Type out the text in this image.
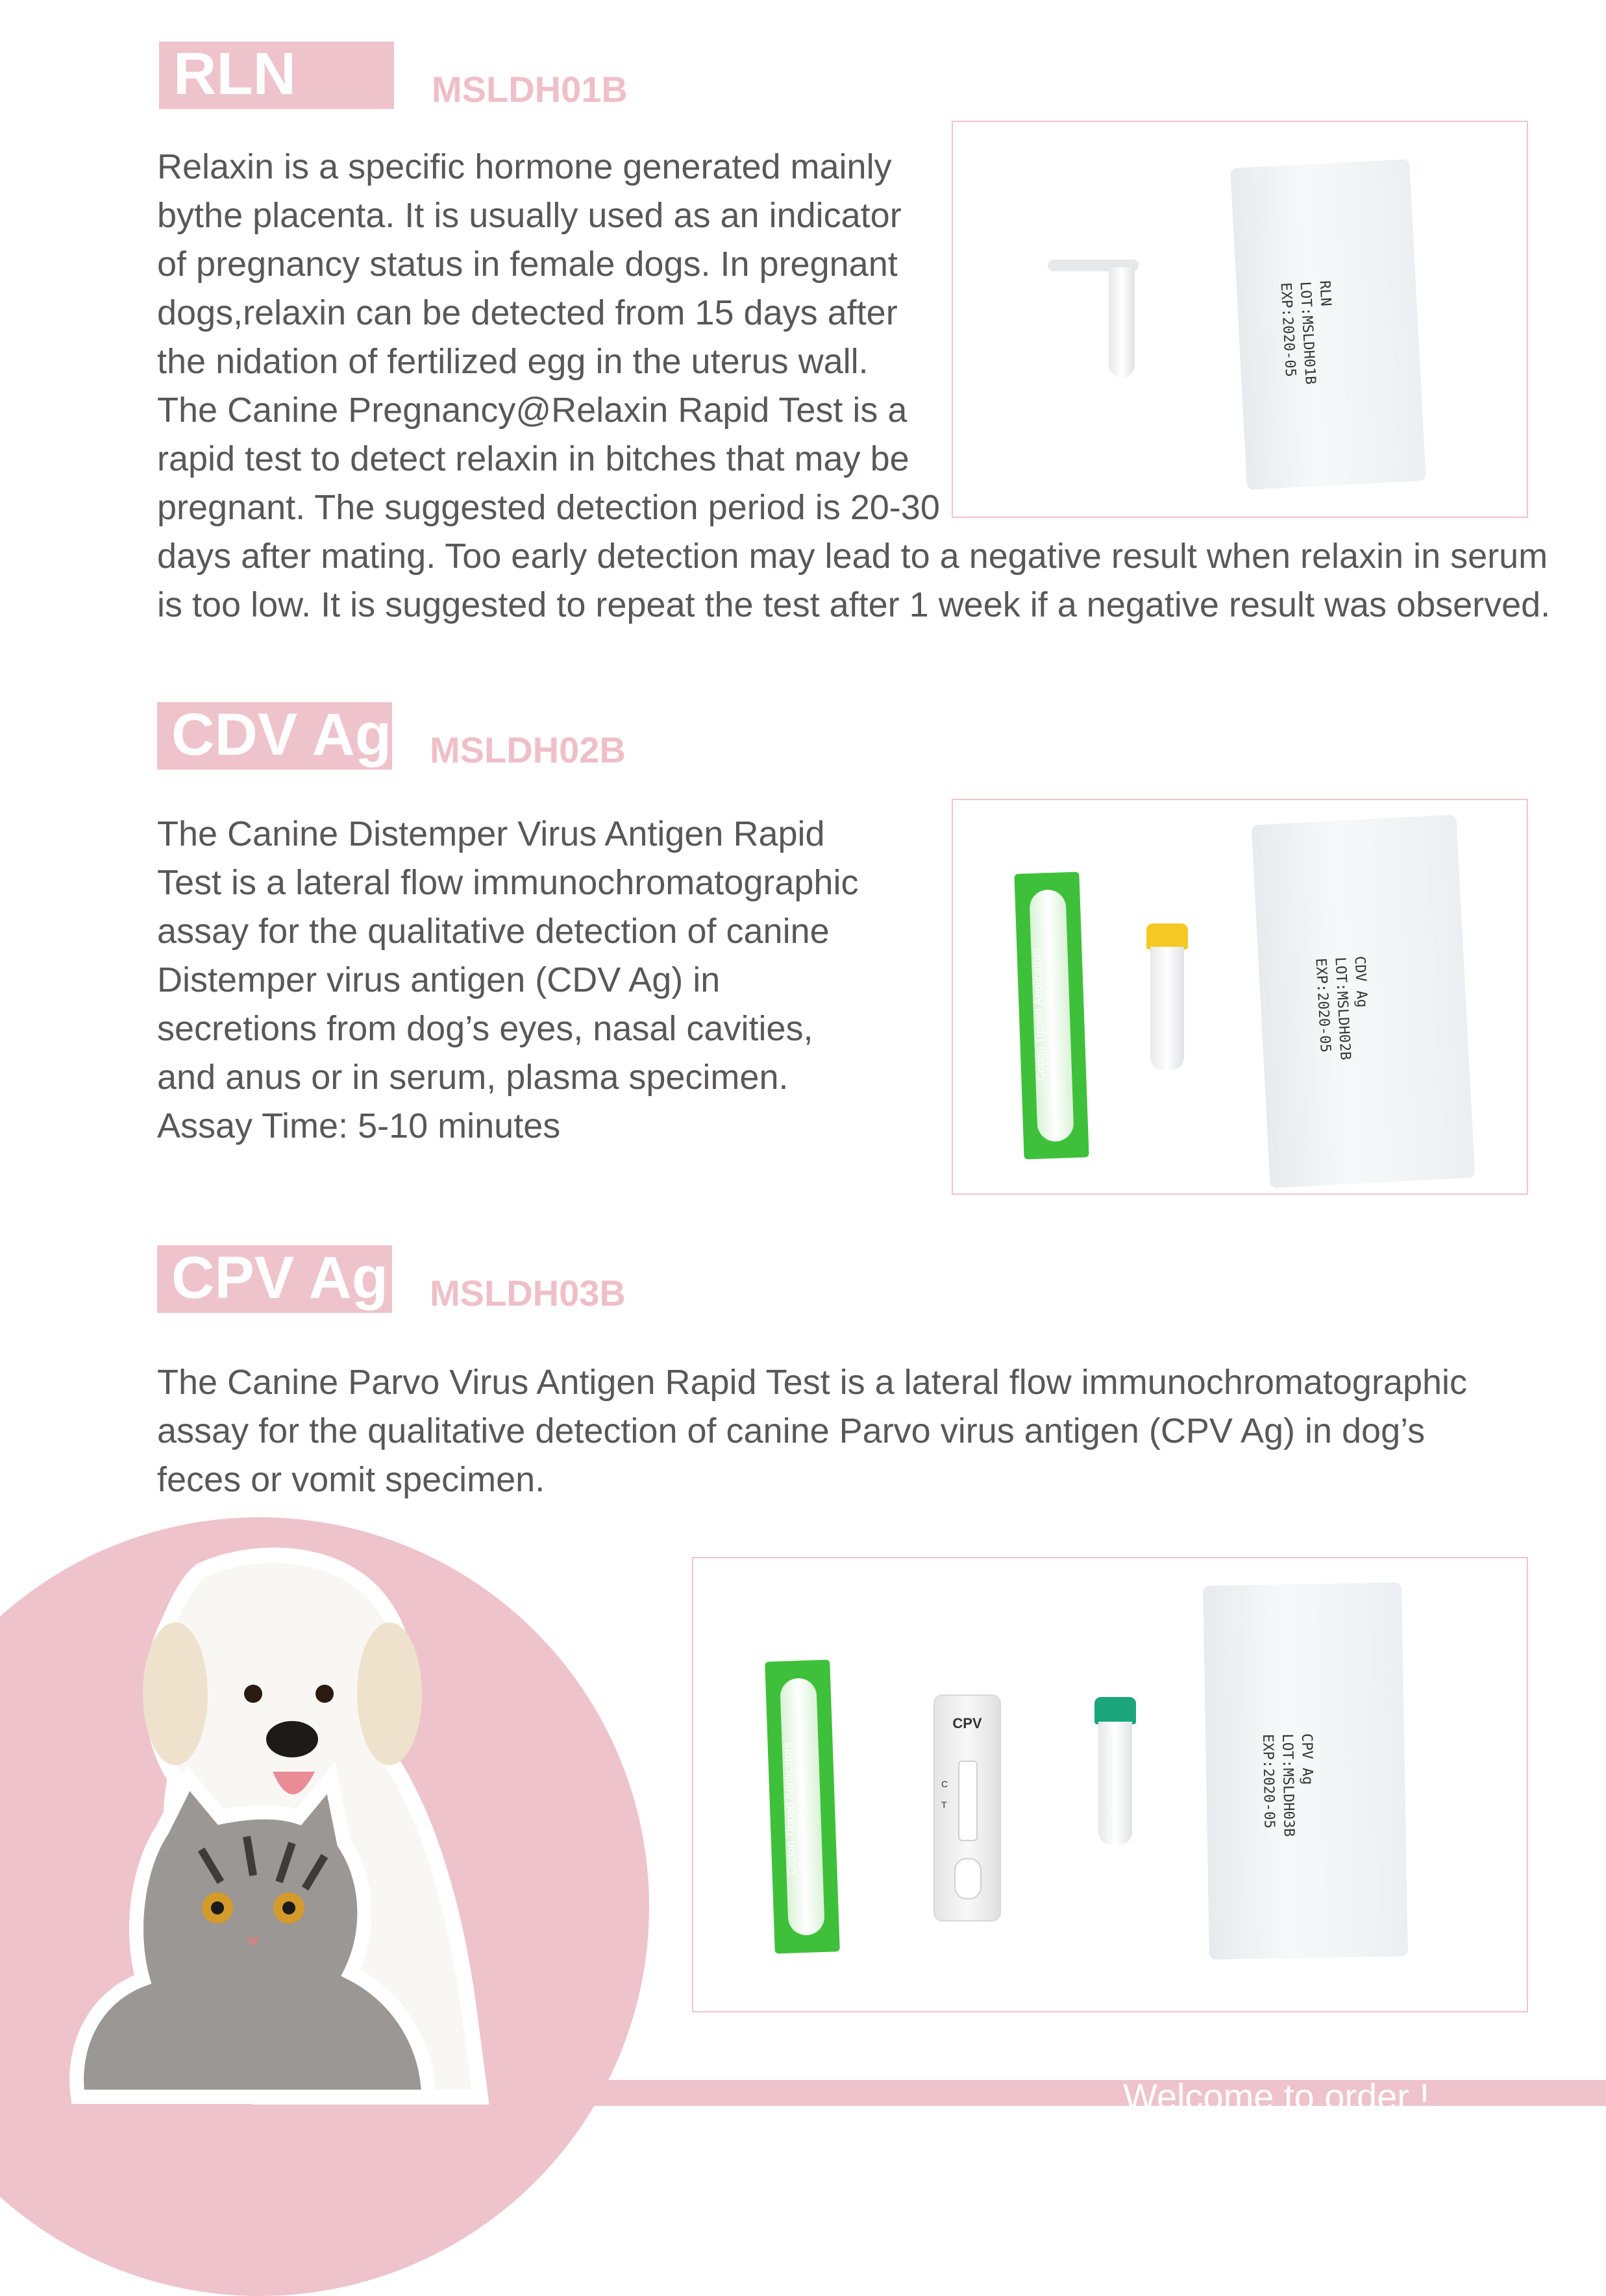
RLN	MSLDH01B
Relaxin is a specific hormone generated mainly
bythe placenta. It is usually used as an indicator
of pregnancy status in female dogs. In pregnant
dogs,relaxin can be detected from 15 days after
the nidation of fertilized egg in the uterus wall.
The Canine Pregnancy@Relaxin Rapid Test is a
rapid test to detect relaxin in bitches that may be
pregnant. The suggested detection period is 20-30
days after mating. Too early detection may lead to a negative result when relaxin in serum
is too low. It is suggested to repeat the test after 1 week if a negative result was observed.
RLN
LOT:MSLDH01B
EXP:2020-05
CDV Ag MSLDH02B
The Canine Distemper Virus Antigen Rapid
Test is a lateral flow immunochromatographic
assay for the qualitative detection of canine
Distemper virus antigen (CDV Ag) in
secretions from dog’s eyes, nasal cavities,
and anus or in serum, plasma specimen.
Assay Time: 5-10 minutes
Cotton Tipped Applicators	CDV Ag
LOT:MSLDH02B
EXP:2020-05
CPV Ag MSLDH03B
The Canine Parvo Virus Antigen Rapid Test is a lateral flow immunochromatographic
assay for the qualitative detection of canine Parvo virus antigen (CPV Ag) in dog’s
feces or vomit specimen.
Cotton Tipped Applicators
CPV
C
T
CPV Ag
LOT:MSLDH03B
EXP:2020-05
Welcome to order !
